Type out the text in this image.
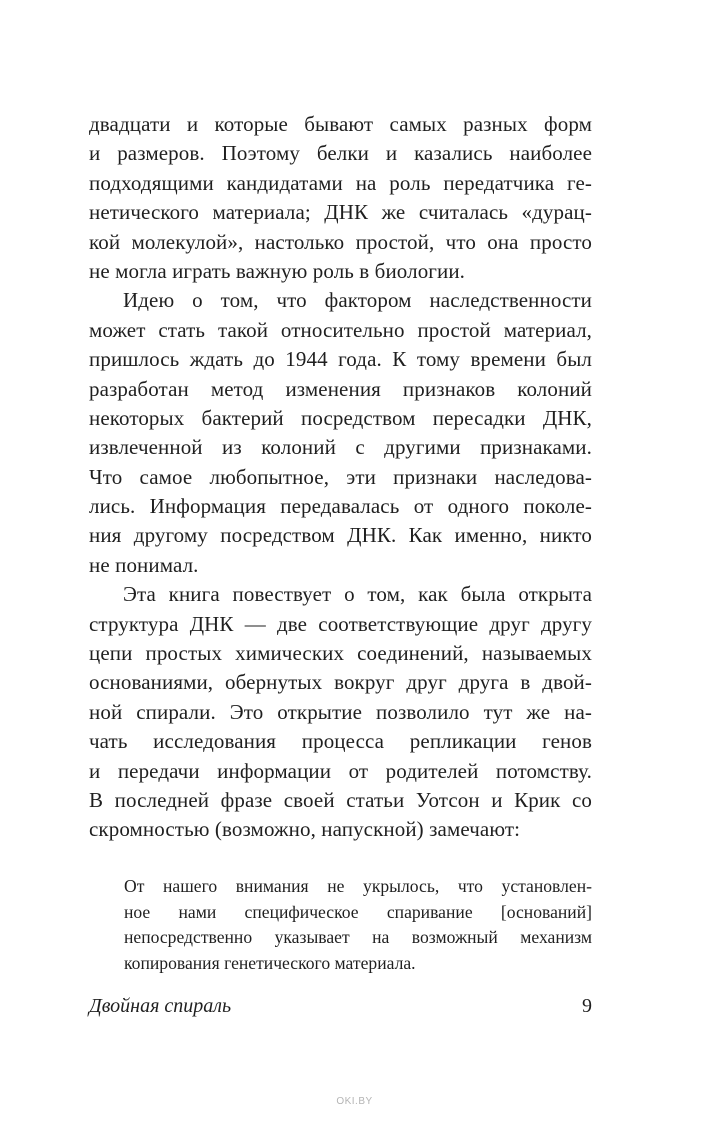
двадцати и которые бывают самых разных форм
и размеров. Поэтому белки и казались наиболее
подходящими кандидатами на роль передатчика ге-
нетического материала; ДНК же считалась «дурац-
кой молекулой», настолько простой, что она просто
не могла играть важную роль в биологии.
Идею о том, что фактором наследственности
может стать такой относительно простой материал,
пришлось ждать до 1944 года. К тому времени был
разработан метод изменения признаков колоний
некоторых бактерий посредством пересадки ДНК,
извлеченной из колоний с другими признаками.
Что самое любопытное, эти признаки наследова-
лись. Информация передавалась от одного поколе-
ния другому посредством ДНК. Как именно, никто
не понимал.
Эта книга повествует о том, как была открыта
структура ДНК — две соответствующие друг другу
цепи простых химических соединений, называемых
основаниями, обернутых вокруг друг друга в двой-
ной спирали. Это открытие позволило тут же на-
чать исследования процесса репликации генов
и передачи информации от родителей потомству.
В последней фразе своей статьи Уотсон и Крик со
скромностью (возможно, напускной) замечают:
От нашего внимания не укрылось, что установлен-
ное нами специфическое спаривание [оснований]
непосредственно указывает на возможный механизм
копирования генетического материала.
Двойная спираль	9
OKI.BY
